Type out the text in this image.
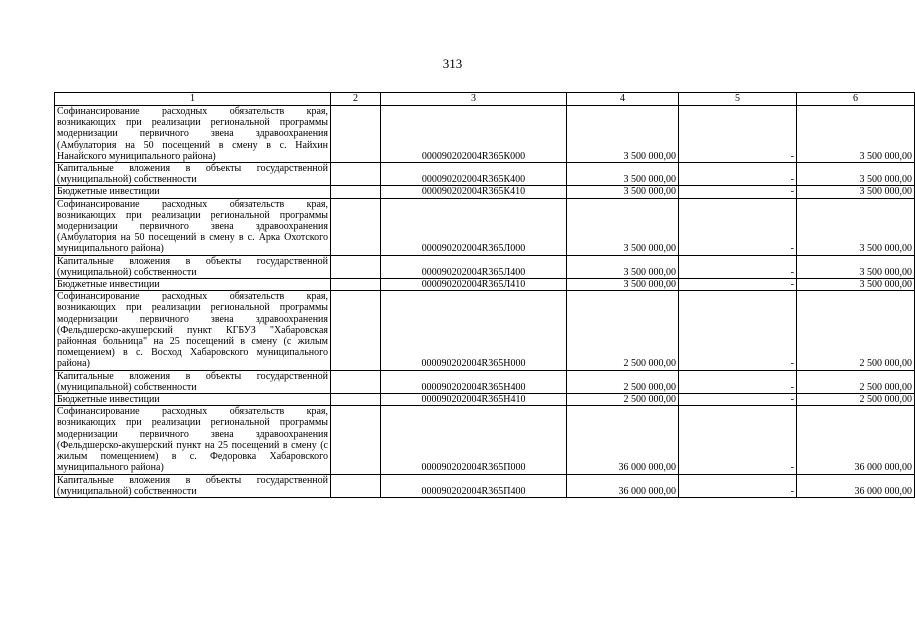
313
1	2	3	4	5	6
Софинансирование расходных обязательств края, возникающих при реализации региональной программы модернизации первичного звена здравоохранения (Амбулатория на 50 посещений в смену в с. Найхин Нанайского муниципального района)		000090202004R365К000	3 500 000,00	-	3 500 000,00
Капитальные вложения в объекты государственной (муниципальной) собственности		000090202004R365К400	3 500 000,00	-	3 500 000,00
Бюджетные инвестиции		000090202004R365К410	3 500 000,00	-	3 500 000,00
Софинансирование расходных обязательств края, возникающих при реализации региональной программы модернизации первичного звена здравоохранения (Амбулатория на 50 посещений в смену в с. Арка Охотского муниципального района)		000090202004R365Л000	3 500 000,00	-	3 500 000,00
Капитальные вложения в объекты государственной (муниципальной) собственности		000090202004R365Л400	3 500 000,00	-	3 500 000,00
Бюджетные инвестиции		000090202004R365Л410	3 500 000,00	-	3 500 000,00
Софинансирование расходных обязательств края, возникающих при реализации региональной программы модернизации первичного звена здравоохранения (Фельдшерско-акушерский пункт КГБУЗ "Хабаровская районная больница" на 25 посещений в смену (с жилым помещением) в с. Восход Хабаровского муниципального района)		000090202004R365Н000	2 500 000,00	-	2 500 000,00
Капитальные вложения в объекты государственной (муниципальной) собственности		000090202004R365Н400	2 500 000,00	-	2 500 000,00
Бюджетные инвестиции		000090202004R365Н410	2 500 000,00	-	2 500 000,00
Софинансирование расходных обязательств края, возникающих при реализации региональной программы модернизации первичного звена здравоохранения (Фельдшерско-акушерский пункт на 25 посещений в смену (с жилым помещением) в с. Федоровка Хабаровского муниципального района)		000090202004R365П000	36 000 000,00	-	36 000 000,00
Капитальные вложения в объекты государственной (муниципальной) собственности		000090202004R365П400	36 000 000,00	-	36 000 000,00
